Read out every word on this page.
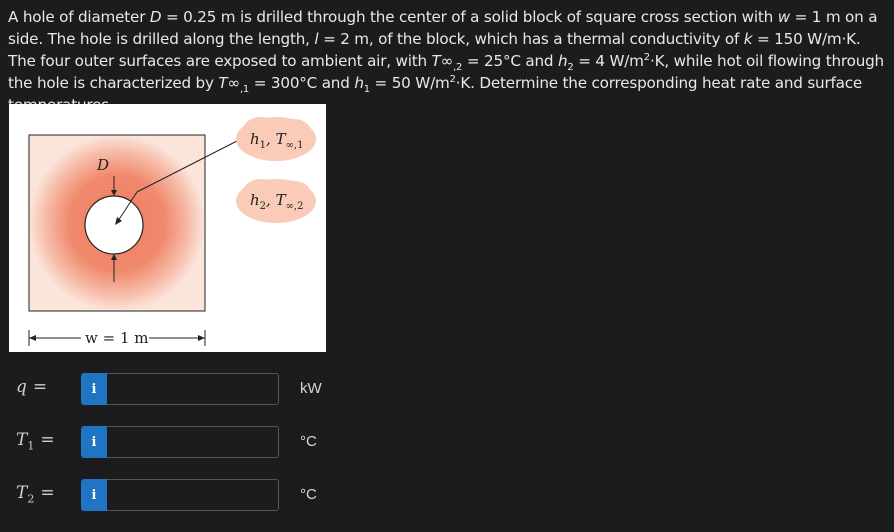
A hole of diameter D = 0.25 m is drilled through the center of a solid block of square cross section with w = 1 m on a side. The hole is drilled along the length, l = 2 m, of the block, which has a thermal conductivity of k = 150 W/m·K. The four outer surfaces are exposed to ambient air, with $T\infty_{,2} = 25^\circ C$ and $h_2 = 4$ $W/m^2\cdot K$, while hot oil flowing through the hole is characterized by $T\infty_{,1} = 300^\circ C$ and $h_1 = 50$ $W/m^2\cdot K$. Determine the corresponding heat rate and surface
D
$h_1$, $T_{\infty,1}$
$h_2$, $T_{\infty,2}$
w = 1 m
q =	i	kW
$T_1$ =	i	°C
$T_2$ =	i	°C
